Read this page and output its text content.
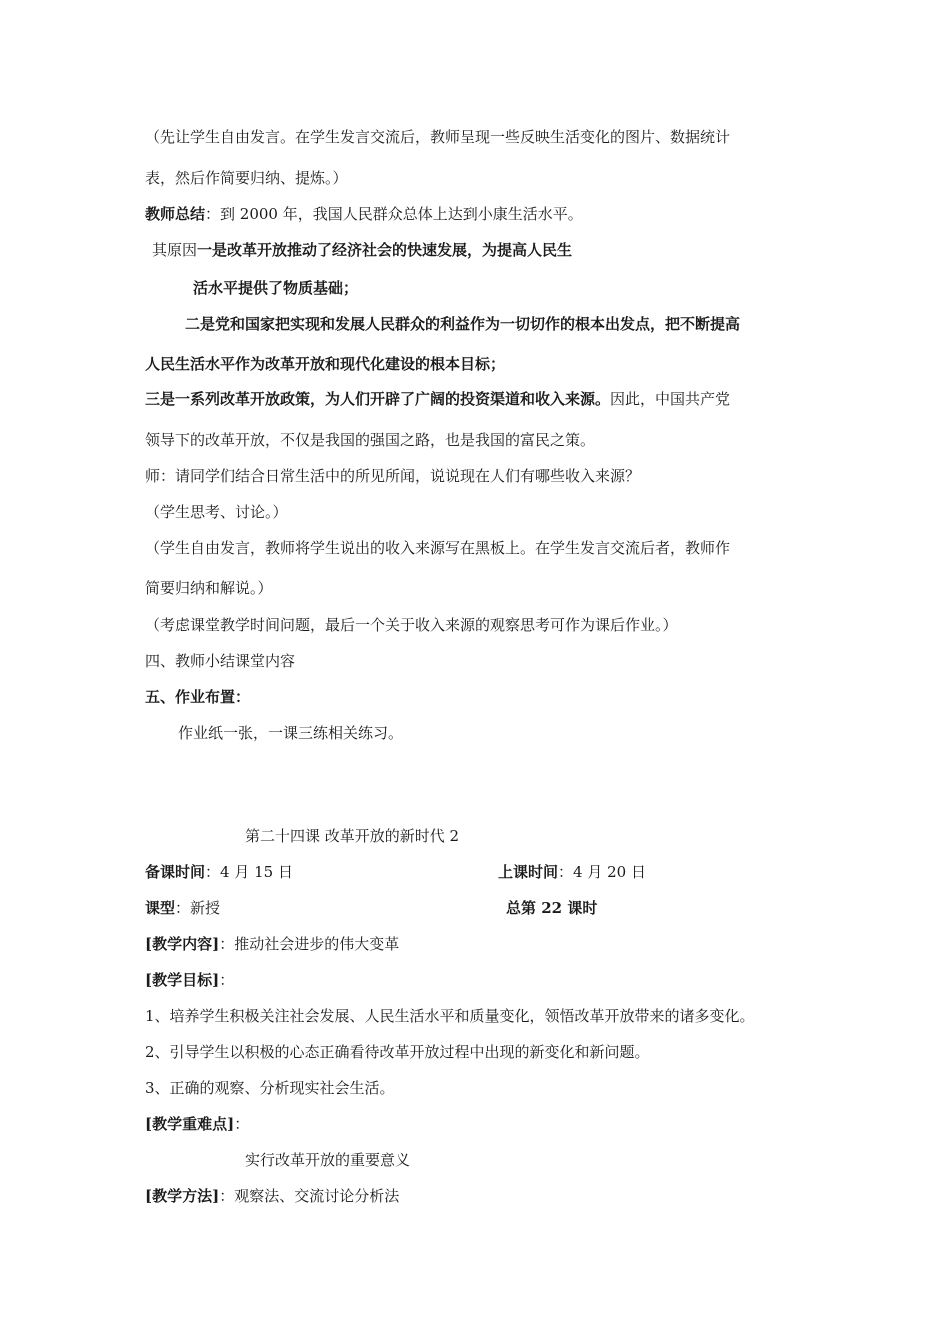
（先让学生自由发言。在学生发言交流后，教师呈现一些反映生活变化的图片、数据统计
表，然后作简要归纳、提炼。）
教师总结：到 2000 年，我国人民群众总体上达到小康生活水平。
其原因一是改革开放推动了经济社会的快速发展，为提高人民生
活水平提供了物质基础；
二是党和国家把实现和发展人民群众的利益作为一切切作的根本出发点，把不断提高
人民生活水平作为改革开放和现代化建设的根本目标；
三是一系列改革开放政策，为人们开辟了广阔的投资渠道和收入来源。因此，中国共产党
领导下的改革开放，不仅是我国的强国之路，也是我国的富民之策。
师：请同学们结合日常生活中的所见所闻，说说现在人们有哪些收入来源？
（学生思考、讨论。）
（学生自由发言，教师将学生说出的收入来源写在黑板上。在学生发言交流后者，教师作
简要归纳和解说。）
（考虑课堂教学时间问题，最后一个关于收入来源的观察思考可作为课后作业。）
四、教师小结课堂内容
五、作业布置：
作业纸一张，一课三练相关练习。
第二十四课 改革开放的新时代 2
备课时间：4 月 15 日	上课时间：4 月 20 日
课型：新授	总第 22 课时
[教学内容]：推动社会进步的伟大变革
[教学目标]：
1、培养学生积极关注社会发展、人民生活水平和质量变化，领悟改革开放带来的诸多变化。
2、引导学生以积极的心态正确看待改革开放过程中出现的新变化和新问题。
3、正确的观察、分析现实社会生活。
[教学重难点]：
实行改革开放的重要意义
[教学方法]：观察法、交流讨论分析法
